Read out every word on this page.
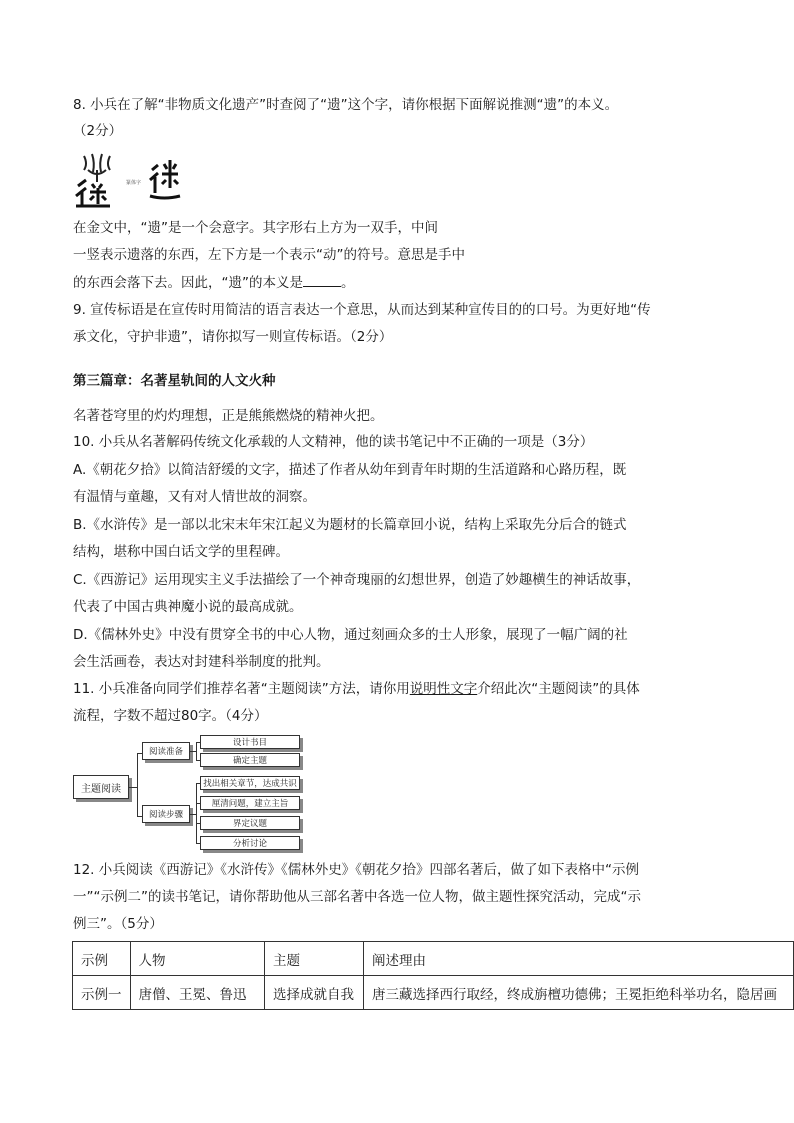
8. 小兵在了解“非物质文化遗产”时查阅了“遗”这个字，请你根据下面解说推测“遗”的本义。
（2分）
篆体字
在金文中，“遗”是一个会意字。其字形右上方为一双手，中间
一竖表示遗落的东西，左下方是一个表示“动”的符号。意思是手中
的东西会落下去。因此，“遗”的本义是	。
9. 宣传标语是在宣传时用简洁的语言表达一个意思，从而达到某种宣传目的的口号。为更好地“传
承文化，守护非遗”，请你拟写一则宣传标语。（2分）
第三篇章：名著星轨间的人文火种
名著苍穹里的灼灼理想，正是熊熊燃烧的精神火把。
10. 小兵从名著解码传统文化承载的人文精神，他的读书笔记中不正确的一项是（3分）
A.《朝花夕拾》以简洁舒缓的文字，描述了作者从幼年到青年时期的生活道路和心路历程，既
有温情与童趣，又有对人情世故的洞察。
B.《水浒传》是一部以北宋末年宋江起义为题材的长篇章回小说，结构上采取先分后合的链式
结构，堪称中国白话文学的里程碑。
C.《西游记》运用现实主义手法描绘了一个神奇瑰丽的幻想世界，创造了妙趣横生的神话故事，
代表了中国古典神魔小说的最高成就。
D.《儒林外史》中没有贯穿全书的中心人物，通过刻画众多的士人形象，展现了一幅广阔的社
会生活画卷，表达对封建科举制度的批判。
11. 小兵准备向同学们推荐名著“主题阅读”方法，请你用说明性文字介绍此次“主题阅读”的具体
流程，字数不超过80字。（4分）
主题阅读
阅读准备
阅读步骤
设计书目
确定主题
找出相关章节，达成共识
厘清问题，建立主旨
界定议题
分析讨论
12. 小兵阅读《西游记》《水浒传》《儒林外史》《朝花夕拾》四部名著后，做了如下表格中“示例
一”“示例二”的读书笔记，请你帮助他从三部名著中各选一位人物，做主题性探究活动，完成“示
例三”。（5分）
示例	人物	主题	阐述理由
示例一	唐僧、王冕、鲁迅	选择成就自我	唐三藏选择西行取经，终成旃檀功德佛；王冕拒绝科举功名，隐居画
